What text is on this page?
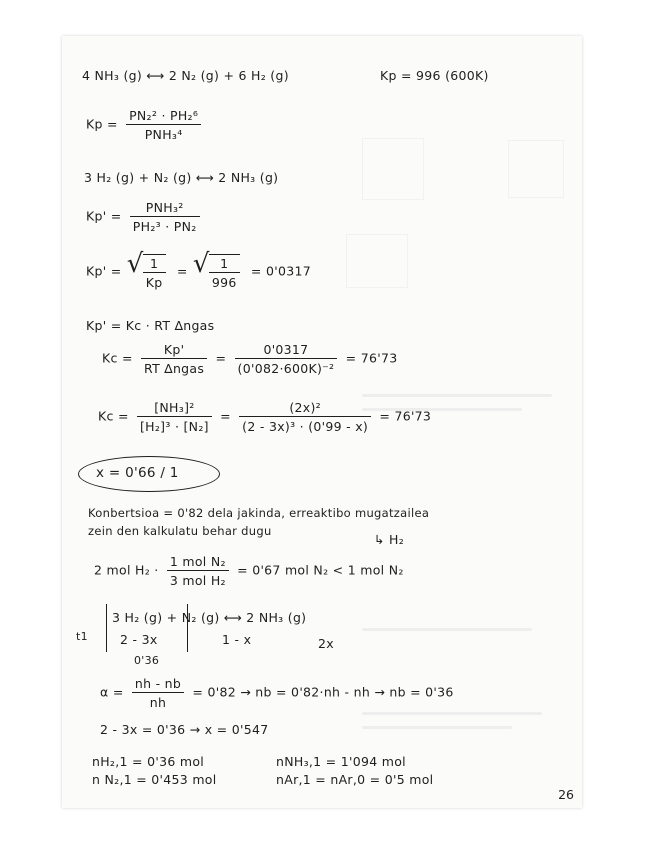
4 NH₃ (g) ⟷ 2 N₂ (g) + 6 H₂ (g)	Kp = 996 (600K)
$Kp = \frac{\text{PN₂² · PH₂⁶}}{\text{PNH₃⁴}}$
3 H₂ (g) + N₂ (g) ⟷ 2 NH₃ (g)
$Kp' = \frac{\text{PNH₃²}}{\text{PH₂³ · PN₂}}$
Kp' = √ $\frac{1}{Kp}$ = √ $\frac{1}{996} = 0'0317$
Kp' = Kc · RT ∆ngas
$Kc = \frac{Kp'}{\text{RT ∆ngas}} = \frac{0'0317}{\text{(0'082·600K)⁻²}} = 76'73$
$Kc = \frac{\text{[NH₃]²}}{\text{[H₂]³ · [N₂]}} = \frac{\text{(2x)²}}{\text{(2 - 3x)³ · (0'99 - x)}} = 76'73$
x = 0'66 / 1
Konbertsioa = 0'82 dela jakinda, erreaktibo mugatzailea
zein den kalkulatu behar dugu
↳ H₂
2 mol $H_2 \cdot \frac{\text{1 mol N₂}}{\text{3 mol H₂}} = 0'67$ mol N₂ < 1 mol N₂
t1
3 H₂ (g) + N₂ (g) ⟷ 2 NH₃ (g)
2 - 3x	1 - x	2x
0'36
$\alpha = \frac{nh - nb}{nh} = 0'82$ → nb = 0'82·nh - nh → nb = 0'36
2 - 3x = 0'36 → x = 0'547
nH₂,1 = 0'36 mol	nNH₃,1 = 1'094 mol
n N₂,1 = 0'453 mol	nAr,1 = nAr,0 = 0'5 mol
26
